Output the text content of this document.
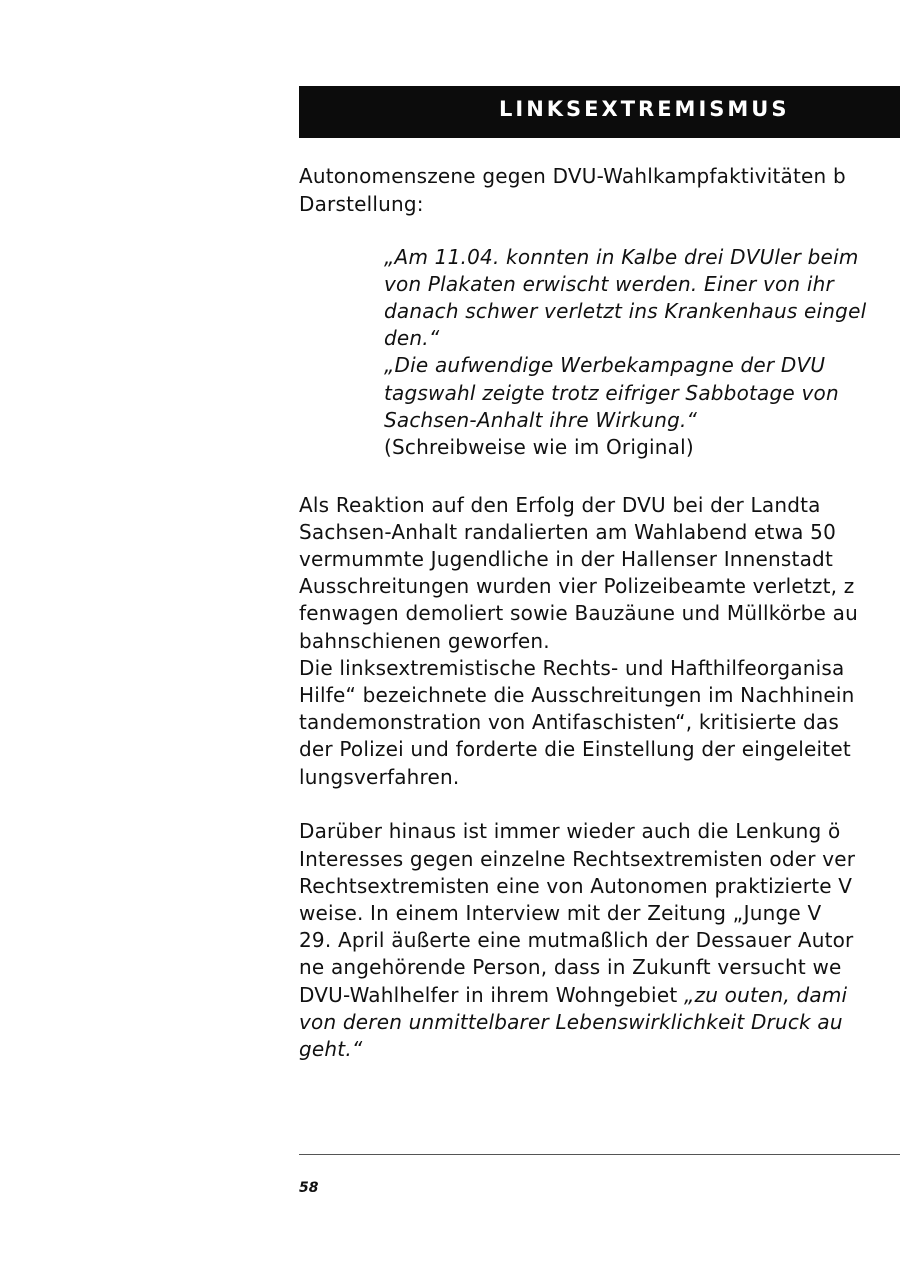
LINKSEXTREMISMUS
Autonomenszene gegen DVU-Wahlkampfaktivitäten b
Darstellung:
„Am 11.04. konnten in Kalbe drei DVUler beim
von Plakaten erwischt werden. Einer von ihr
danach schwer verletzt ins Krankenhaus eingel
den.“
„Die aufwendige Werbekampagne der DVU
tagswahl zeigte trotz eifriger Sabbotage von
Sachsen-Anhalt ihre Wirkung.“
(Schreibweise wie im Original)
Als Reaktion auf den Erfolg der DVU bei der Landta
Sachsen-Anhalt randalierten am Wahlabend etwa 50
vermummte Jugendliche in der Hallenser Innenstadt
Ausschreitungen wurden vier Polizeibeamte verletzt, z
fenwagen demoliert sowie Bauzäune und Müllkörbe au
bahnschienen geworfen.
Die linksextremistische Rechts- und Hafthilfeorganisa
Hilfe“ bezeichnete die Ausschreitungen im Nachhinein
tandemonstration von Antifaschisten“, kritisierte das
der Polizei und forderte die Einstellung der eingeleitet
lungsverfahren.
Darüber hinaus ist immer wieder auch die Lenkung ö
Interesses gegen einzelne Rechtsextremisten oder ver
Rechtsextremisten eine von Autonomen praktizierte V
weise. In einem Interview mit der Zeitung „Junge V
29. April äußerte eine mutmaßlich der Dessauer Autor
ne angehörende Person, dass in Zukunft versucht we
DVU-Wahlhelfer in ihrem Wohngebiet „zu outen, dami
von deren unmittelbarer Lebenswirklichkeit Druck au
geht.“
58
